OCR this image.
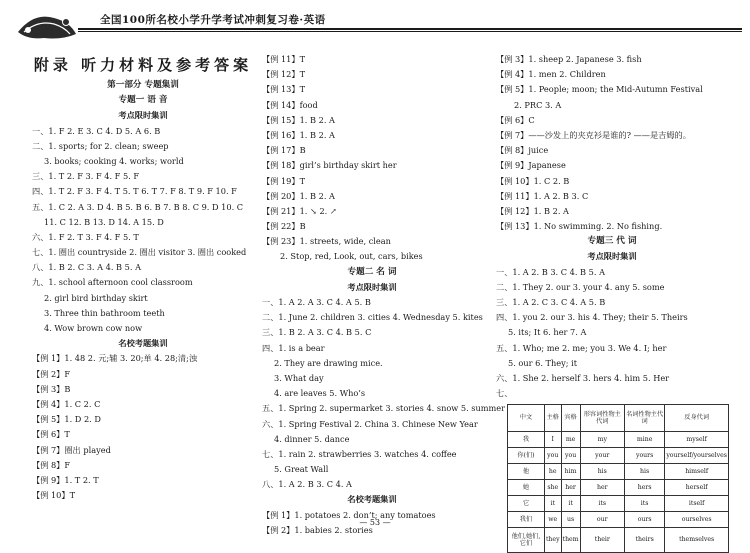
全国100所名校小学升学考试冲刺复习卷·英语
附录 听力材料及参考答案
第一部分 专题集训
专题一 语 音
考点限时集训
一、1. F 2. E 3. C 4. D 5. A 6. B
二、1. sports; for 2. clean; sweep
3. books; cooking 4. works; world
三、1. T 2. F 3. F 4. F 5. F
四、1. T 2. F 3. F 4. T 5. T 6. T 7. F 8. T 9. F 10. F
五、1. C 2. A 3. D 4. B 5. B 6. B 7. B 8. C 9. D 10. C
11. C 12. B 13. D 14. A 15. D
六、1. F 2. T 3. F 4. F 5. T
七、1. 圈出 countryside 2. 圈出 visitor 3. 圈出 cooked
八、1. B 2. C 3. A 4. B 5. A
九、1. school afternoon cool classroom
2. girl bird birthday skirt
3. Three thin bathroom teeth
4. Wow brown cow now
名校考题集训
【例 1】1. 48 2. 元;辅 3. 20;单 4. 28;清;浊
【例 2】F
【例 3】B
【例 4】1. C 2. C
【例 5】1. D 2. D
【例 6】T
【例 7】圈出 played
【例 8】F
【例 9】1. T 2. T
【例 10】T
【例 11】T
【例 12】T
【例 13】T
【例 14】food
【例 15】1. B 2. A
【例 16】1. B 2. A
【例 17】B
【例 18】girl’s birthday skirt her
【例 19】T
【例 20】1. B 2. A
【例 21】1. ↘ 2. ↗
【例 22】B
【例 23】1. streets, wide, clean
2. Stop, red, Look, out, cars, bikes
专题二 名 词
考点限时集训
一、1. A 2. A 3. C 4. A 5. B
二、1. June 2. children 3. cities 4. Wednesday 5. kites
三、1. B 2. A 3. C 4. B 5. C
四、1. is a bear
2. They are drawing mice.
3. What day
4. are leaves 5. Who’s
五、1. Spring 2. supermarket 3. stories 4. snow 5. summer
六、1. Spring Festival 2. China 3. Chinese New Year
4. dinner 5. dance
七、1. rain 2. strawberries 3. watches 4. coffee
5. Great Wall
八、1. A 2. B 3. C 4. A
名校考题集训
【例 1】1. potatoes 2. don’t; any tomatoes
【例 2】1. babies 2. stories
【例 3】1. sheep 2. Japanese 3. fish
【例 4】1. men 2. Children
【例 5】1. People; moon; the Mid-Autumn Festival
2. PRC 3. A
【例 6】C
【例 7】——沙发上的夹克衫是谁的? ——是吉姆的。
【例 8】juice
【例 9】Japanese
【例 10】1. C 2. B
【例 11】1. A 2. B 3. C
【例 12】1. B 2. A
【例 13】1. No swimming. 2. No fishing.
专题三 代 词
考点限时集训
一、1. A 2. B 3. C 4. B 5. A
二、1. They 2. our 3. your 4. any 5. some
三、1. A 2. C 3. C 4. A 5. B
四、1. you 2. our 3. his 4. They; their 5. Theirs
5. its; It 6. her 7. A
五、1. Who; me 2. me; you 3. We 4. I; her
5. our 6. They; it
六、1. She 2. herself 3. hers 4. him 5. Her
七、
中文	主格	宾格	形容词性物主代词	名词性物主代词	反身代词
我	I	me	my	mine	myself
你(们)	you	you	your	yours	yourself/yourselves
他	he	him	his	his	himself
她	she	her	her	hers	herself
它	it	it	its	its	itself
我们	we	us	our	ours	ourselves
他们,她们,它们	they	them	their	theirs	themselves
— 53 —
